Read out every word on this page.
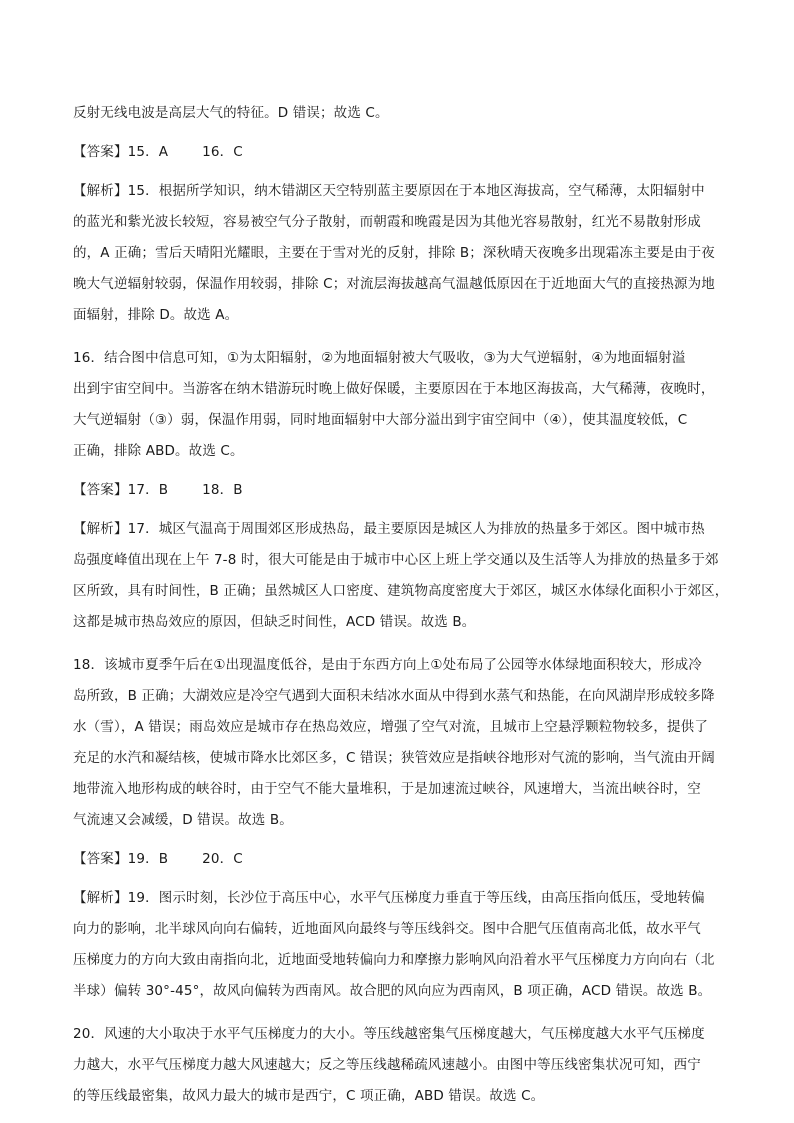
反射无线电波是高层大气的特征。D 错误；故选 C。

【答案】15．A	16．C

【解析】15．根据所学知识，纳木错湖区天空特别蓝主要原因在于本地区海拔高，空气稀薄，太阳辐射中

的蓝光和紫光波长较短，容易被空气分子散射，而朝霞和晚霞是因为其他光容易散射，红光不易散射形成

的，A 正确；雪后天晴阳光耀眼，主要在于雪对光的反射，排除 B；深秋晴天夜晚多出现霜冻主要是由于夜

晚大气逆辐射较弱，保温作用较弱，排除 C；对流层海拔越高气温越低原因在于近地面大气的直接热源为地

面辐射，排除 D。故选 A。

16．结合图中信息可知，①为太阳辐射，②为地面辐射被大气吸收，③为大气逆辐射，④为地面辐射溢

出到宇宙空间中。当游客在纳木错游玩时晚上做好保暖，主要原因在于本地区海拔高，大气稀薄，夜晚时，

大气逆辐射（③）弱，保温作用弱，同时地面辐射中大部分溢出到宇宙空间中（④），使其温度较低，C

正确，排除 ABD。故选 C。

【答案】17．B	18．B

【解析】17．城区气温高于周围郊区形成热岛，最主要原因是城区人为排放的热量多于郊区。图中城市热

岛强度峰值出现在上午 7-8 时，很大可能是由于城市中心区上班上学交通以及生活等人为排放的热量多于郊

区所致，具有时间性，B 正确；虽然城区人口密度、建筑物高度密度大于郊区，城区水体绿化面积小于郊区，

这都是城市热岛效应的原因，但缺乏时间性，ACD 错误。故选 B。

18．该城市夏季午后在①出现温度低谷，是由于东西方向上①处布局了公园等水体绿地面积较大，形成冷

岛所致，B 正确；大湖效应是冷空气遇到大面积未结冰水面从中得到水蒸气和热能，在向风湖岸形成较多降

水（雪），A 错误；雨岛效应是城市存在热岛效应，增强了空气对流，且城市上空悬浮颗粒物较多，提供了

充足的水汽和凝结核，使城市降水比郊区多，C 错误；狭管效应是指峡谷地形对气流的影响，当气流由开阔

地带流入地形构成的峡谷时，由于空气不能大量堆积，于是加速流过峡谷，风速增大，当流出峡谷时，空

气流速又会减缓，D 错误。故选 B。

【答案】19．B	20．C

【解析】19．图示时刻，长沙位于高压中心，水平气压梯度力垂直于等压线，由高压指向低压，受地转偏

向力的影响，北半球风向向右偏转，近地面风向最终与等压线斜交。图中合肥气压值南高北低，故水平气

压梯度力的方向大致由南指向北，近地面受地转偏向力和摩擦力影响风向沿着水平气压梯度力方向向右（北

半球）偏转 30°-45°，故风向偏转为西南风。故合肥的风向应为西南风，B 项正确，ACD 错误。故选 B。

20．风速的大小取决于水平气压梯度力的大小。等压线越密集气压梯度越大，气压梯度越大水平气压梯度

力越大，水平气压梯度力越大风速越大；反之等压线越稀疏风速越小。由图中等压线密集状况可知，西宁

的等压线最密集，故风力最大的城市是西宁，C 项正确，ABD 错误。故选 C。
